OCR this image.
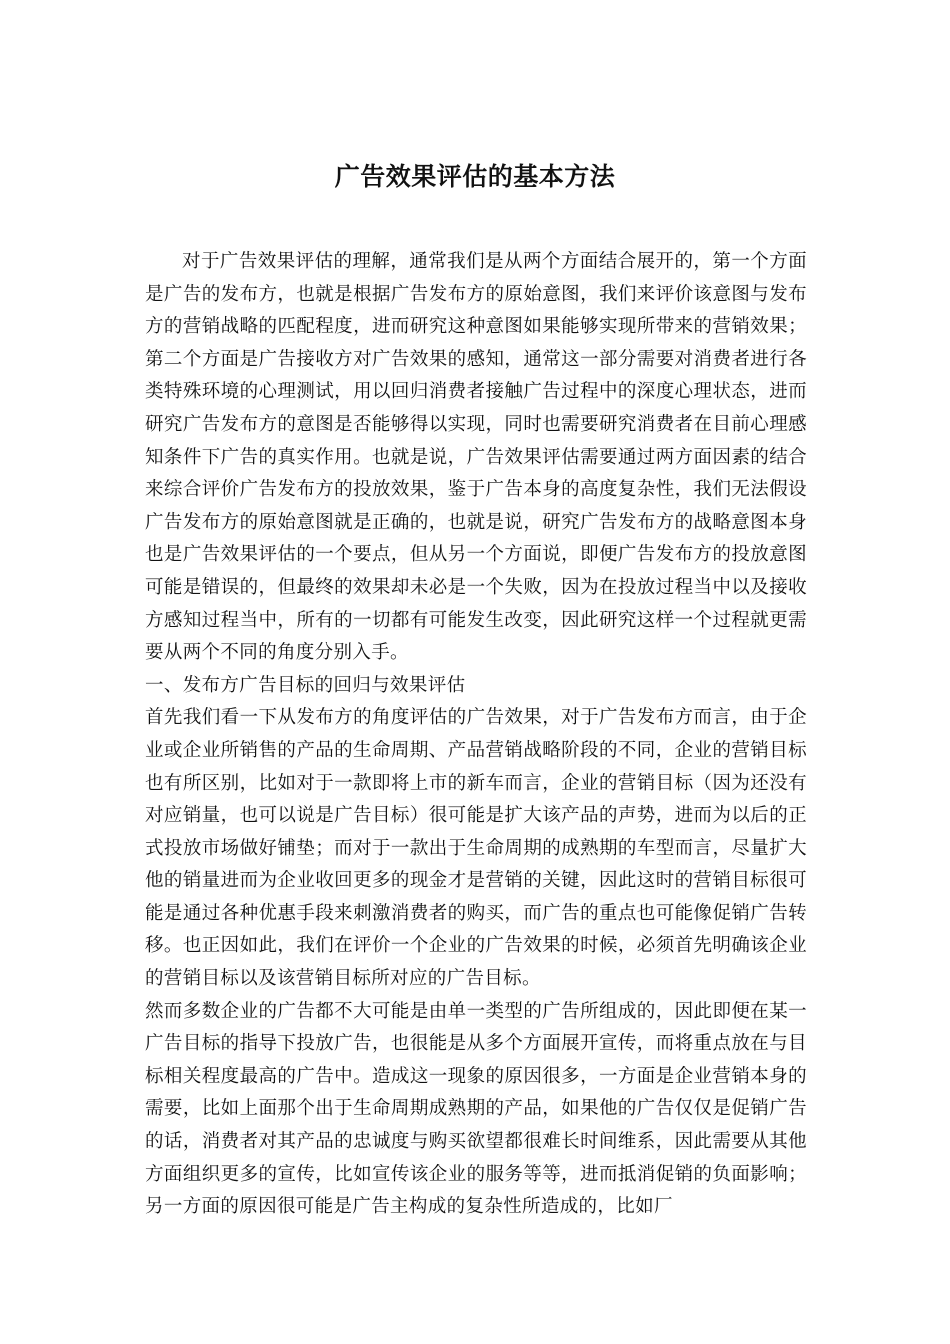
广告效果评估的基本方法

对于广告效果评估的理解，通常我们是从两个方面结合展开的，第一个方面是广告的发布方，也就是根据广告发布方的原始意图，我们来评价该意图与发布方的营销战略的匹配程度，进而研究这种意图如果能够实现所带来的营销效果；第二个方面是广告接收方对广告效果的感知，通常这一部分需要对消费者进行各类特殊环境的心理测试，用以回归消费者接触广告过程中的深度心理状态，进而研究广告发布方的意图是否能够得以实现，同时也需要研究消费者在目前心理感知条件下广告的真实作用。也就是说，广告效果评估需要通过两方面因素的结合来综合评价广告发布方的投放效果，鉴于广告本身的高度复杂性，我们无法假设广告发布方的原始意图就是正确的，也就是说，研究广告发布方的战略意图本身也是广告效果评估的一个要点，但从另一个方面说，即便广告发布方的投放意图可能是错误的，但最终的效果却未必是一个失败，因为在投放过程当中以及接收方感知过程当中，所有的一切都有可能发生改变，因此研究这样一个过程就更需要从两个不同的角度分别入手。

一、发布方广告目标的回归与效果评估

首先我们看一下从发布方的角度评估的广告效果，对于广告发布方而言，由于企业或企业所销售的产品的生命周期、产品营销战略阶段的不同，企业的营销目标也有所区别，比如对于一款即将上市的新车而言，企业的营销目标（因为还没有对应销量，也可以说是广告目标）很可能是扩大该产品的声势，进而为以后的正式投放市场做好铺垫；而对于一款出于生命周期的成熟期的车型而言，尽量扩大他的销量进而为企业收回更多的现金才是营销的关键，因此这时的营销目标很可能是通过各种优惠手段来刺激消费者的购买，而广告的重点也可能像促销广告转移。也正因如此，我们在评价一个企业的广告效果的时候，必须首先明确该企业的营销目标以及该营销目标所对应的广告目标。

然而多数企业的广告都不大可能是由单一类型的广告所组成的，因此即便在某一广告目标的指导下投放广告，也很能是从多个方面展开宣传，而将重点放在与目标相关程度最高的广告中。造成这一现象的原因很多，一方面是企业营销本身的需要，比如上面那个出于生命周期成熟期的产品，如果他的广告仅仅是促销广告的话，消费者对其产品的忠诚度与购买欲望都很难长时间维系，因此需要从其他方面组织更多的宣传，比如宣传该企业的服务等等，进而抵消促销的负面影响；另一方面的原因很可能是广告主构成的复杂性所造成的，比如厂
